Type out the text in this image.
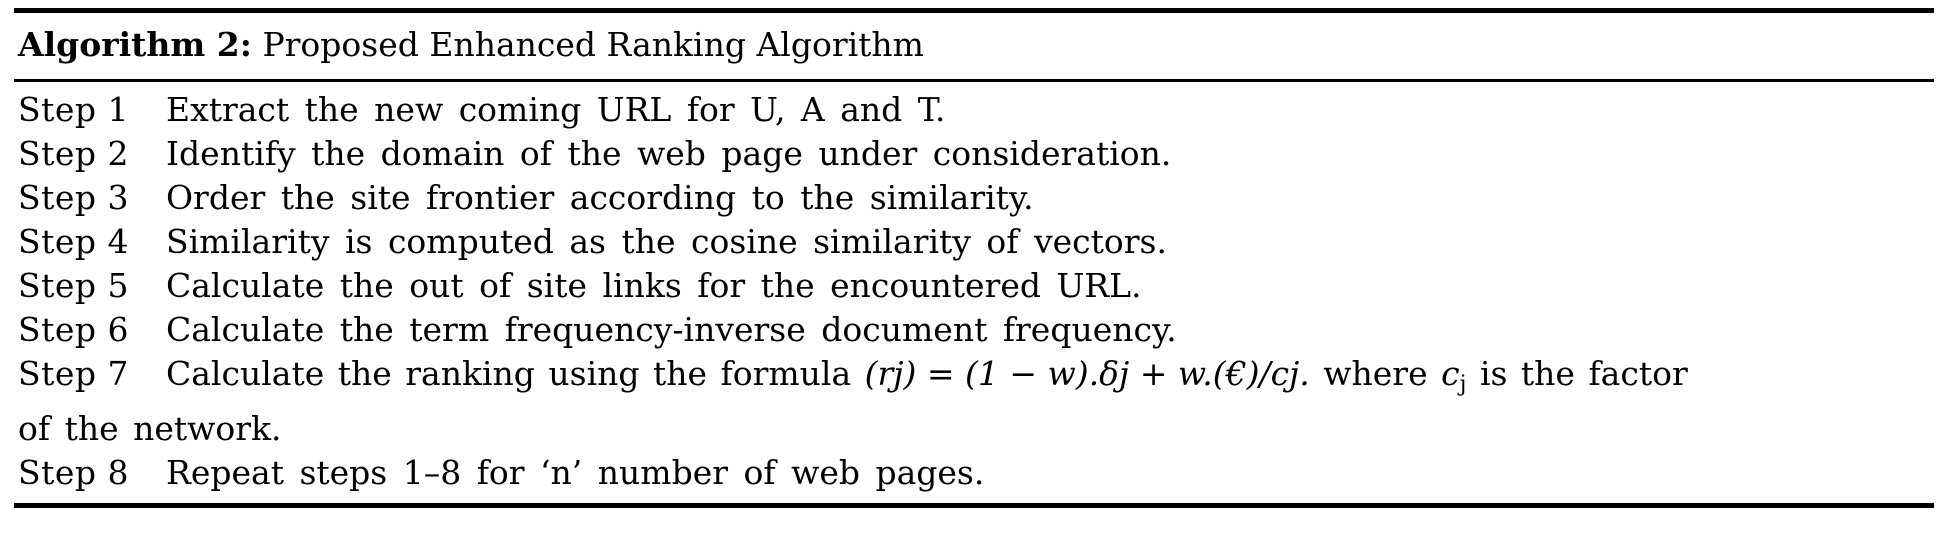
Algorithm 2: Proposed Enhanced Ranking Algorithm
Step 1	Extract the new coming URL for U, A and T.
Step 2	Identify the domain of the web page under consideration.
Step 3	Order the site frontier according to the similarity.
Step 4	Similarity is computed as the cosine similarity of vectors.
Step 5	Calculate the out of site links for the encountered URL.
Step 6	Calculate the term frequency-inverse document frequency.
Step 7	Calculate the ranking using the formula (rj) = (1 − w).δj + w.(€)/cj. where $c_j$ is the factor
of the network.
Step 8	Repeat steps 1–8 for ‘n’ number of web pages.
